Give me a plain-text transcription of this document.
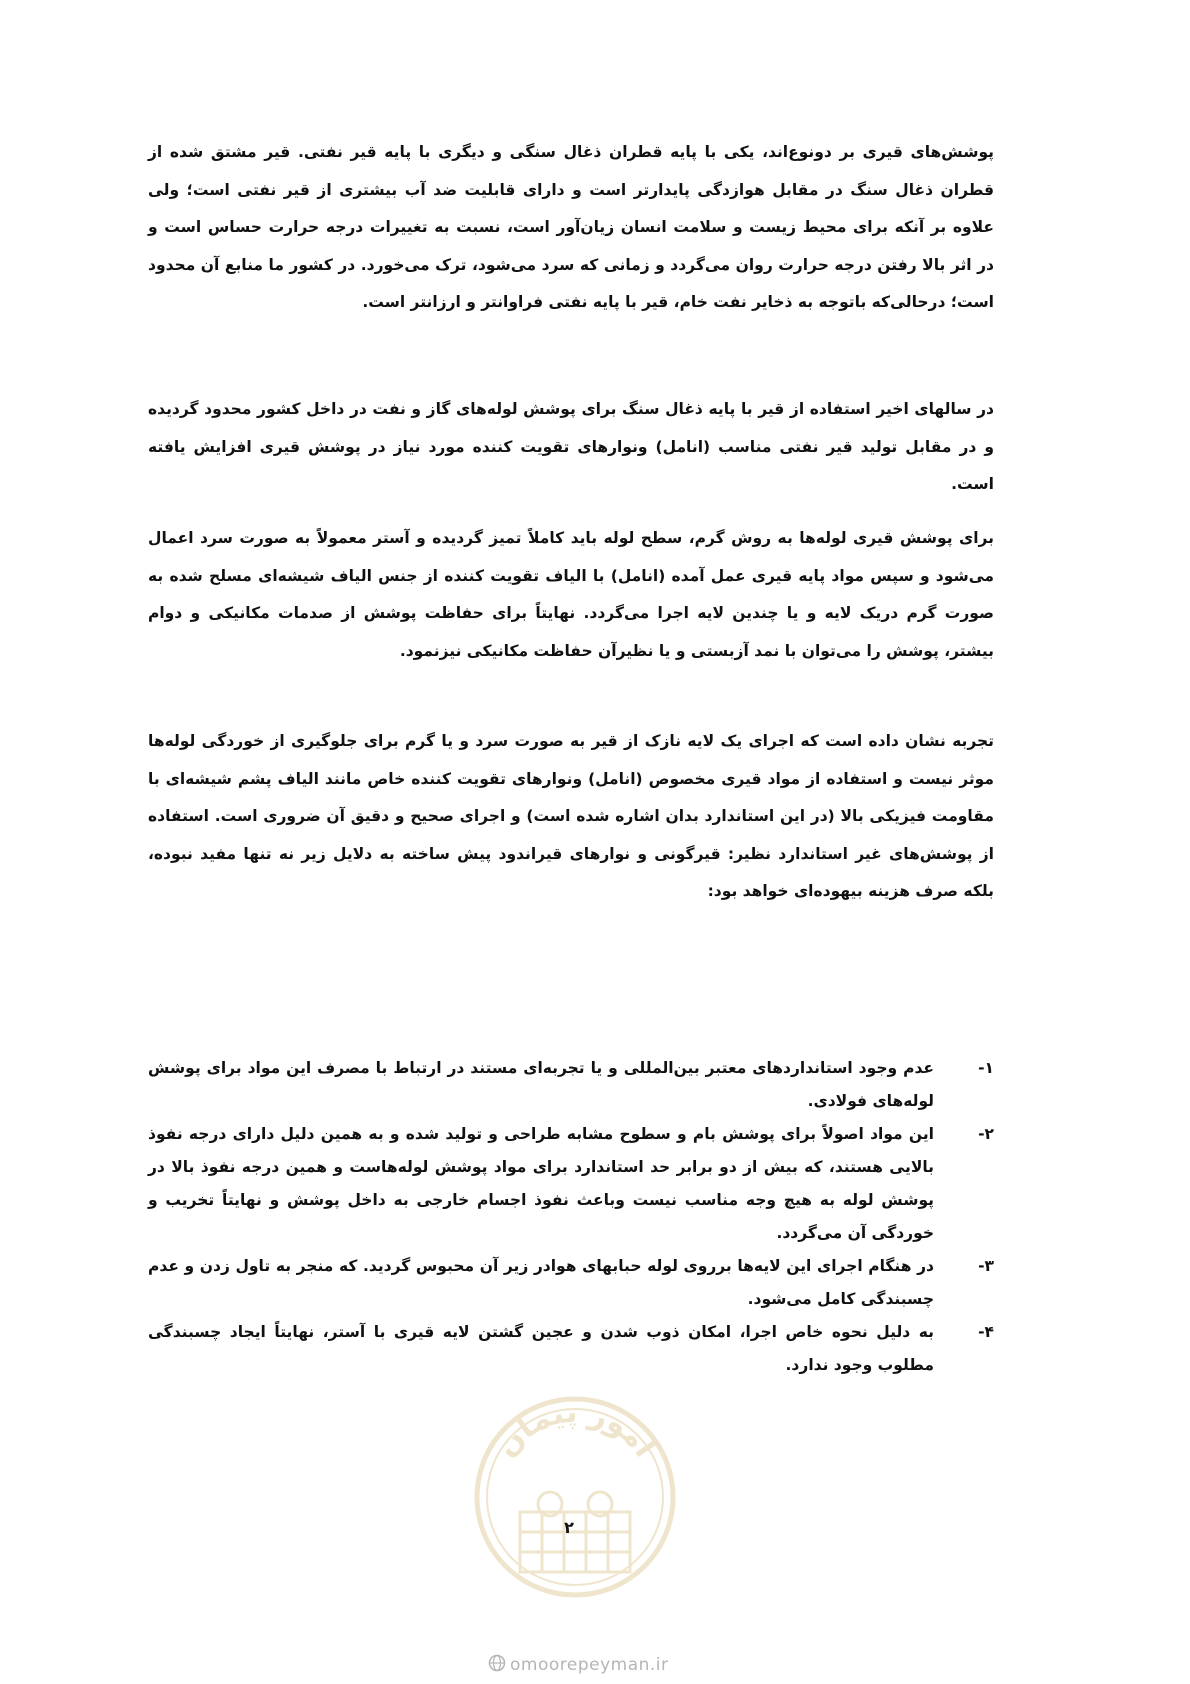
پوشش‌های قیری بر دونوع‌اند، یکی با پایه قطران ذغال سنگی و دیگری با پایه قیر نفتی. قیر مشتق شده از قطران ذغال سنگ در مقابل هوازدگی پایدارتر است و دارای قابلیت ضد آب بیشتری از قیر نفتی است؛ ولی علاوه بر آنکه برای محیط زیست و سلامت انسان زیان‌آور است، نسبت به تغییرات درجه حرارت حساس است و در اثر بالا رفتن درجه حرارت روان می‌گردد و زمانی که سرد می‌شود، ترک می‌خورد. در کشور ما منابع آن محدود است؛ درحالی‌که باتوجه به ذخایر نفت خام، قیر با پایه نفتی فراوانتر و ارزانتر است.

در سالهای اخیر استفاده از قیر با پایه ذغال سنگ برای پوشش لوله‌های گاز و نفت در داخل کشور محدود گردیده و در مقابل تولید قیر نفتی مناسب (انامل) ونوارهای تقویت کننده مورد نیاز در پوشش قیری افزایش یافته است.

برای پوشش قیری لوله‌ها به روش گرم، سطح لوله باید کاملاً تمیز گردیده و آستر معمولاً به صورت سرد اعمال می‌شود و سپس مواد پایه قیری عمل آمده (انامل) با الیاف تقویت کننده از جنس الیاف شیشه‌ای مسلح شده به صورت گرم دریک لایه و یا چندین لایه اجرا می‌گردد. نهایتاً برای حفاظت پوشش از صدمات مکانیکی و دوام بیشتر، پوشش را می‌توان با نمد آزبستی و یا نظیرآن حفاظت مکانیکی نیزنمود.

تجربه نشان داده است که اجرای یک لایه نازک از قیر به صورت سرد و یا گرم برای جلوگیری از خوردگی لوله‌ها موثر نیست و استفاده از مواد قیری مخصوص (انامل) ونوارهای تقویت کننده خاص مانند الیاف پشم شیشه‌ای با مقاومت فیزیکی بالا (در این استاندارد بدان اشاره شده است) و اجرای صحیح و دقیق آن ضروری است. استفاده از پوشش‌های غیر استاندارد نظیر: قیرگونی و نوارهای قیراندود پیش ساخته به دلایل زیر نه تنها مفید نبوده، بلکه صرف هزینه بیهوده‌ای خواهد بود:

۱-
عدم وجود استانداردهای معتبر بین‌المللی و یا تجربه‌ای مستند در ارتباط با مصرف این مواد برای پوشش لوله‌های فولادی.
۲-
این مواد اصولاً برای پوشش بام و سطوح مشابه طراحی و تولید شده و به همین دلیل دارای درجه نفوذ بالایی هستند، که بیش از دو برابر حد استاندارد برای مواد پوشش لوله‌هاست و همین درجه نفوذ بالا در پوشش لوله به هیچ وجه مناسب نیست وباعث نفوذ اجسام خارجی به داخل پوشش و نهایتاً تخریب و خوردگی آن می‌گردد.
۳-
در هنگام اجرای این لایه‌ها برروی لوله حبابهای هوادر زیر آن محبوس گردید. که منجر به تاول زدن و عدم چسبندگی کامل می‌شود.
۴-
به دلیل نحوه خاص اجرا، امکان ذوب شدن و عجین گشتن لایه قیری با آستر، نهایتاً ایجاد چسبندگی مطلوب وجود ندارد.
امور پیمان
۲
omoorepeyman.ir
